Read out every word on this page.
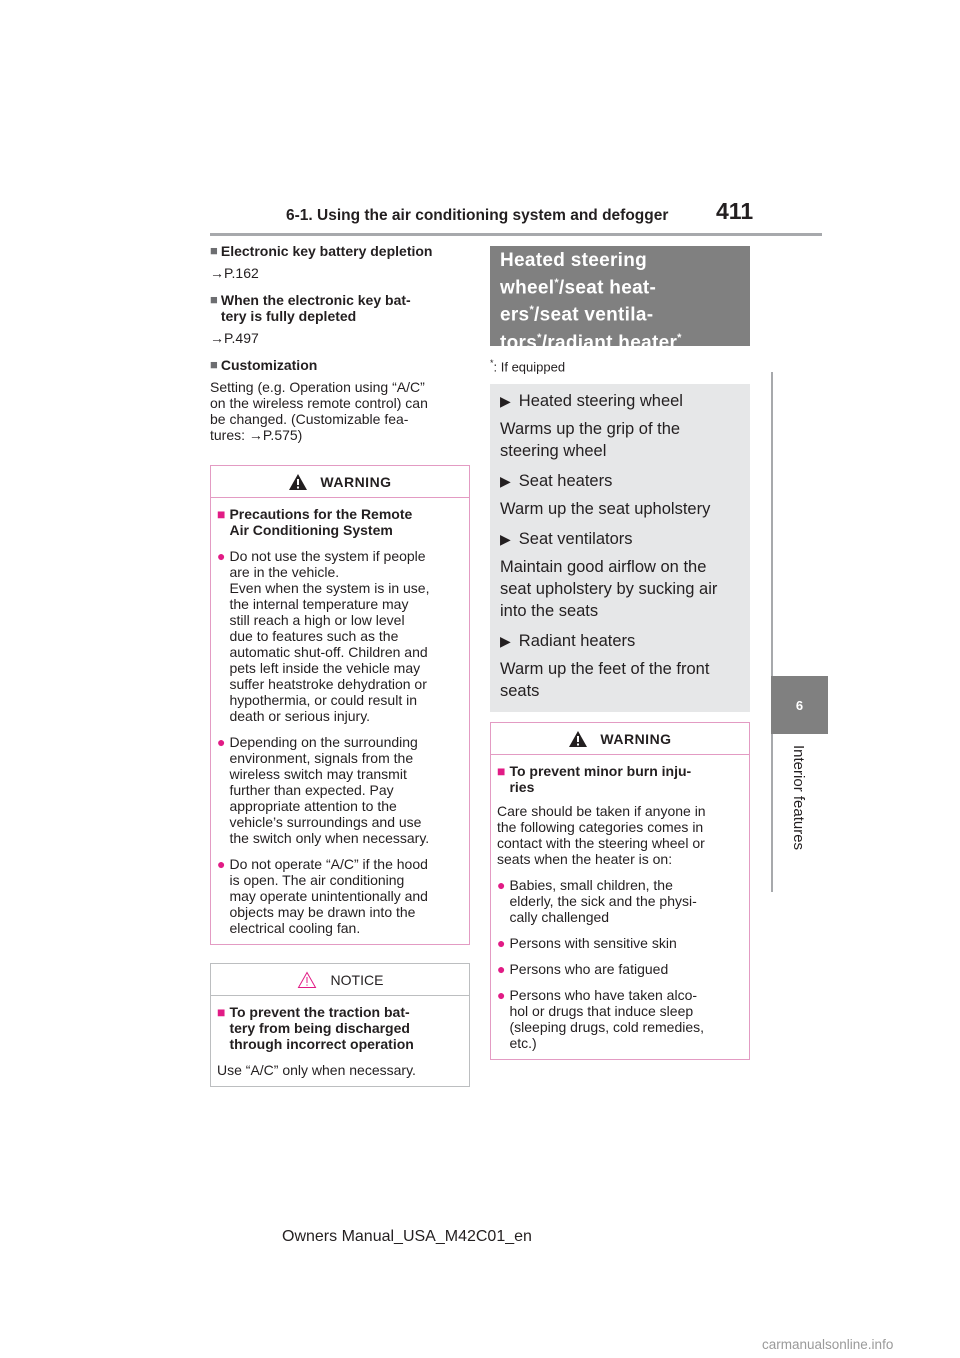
6-1. Using the air conditioning system and defogger 411
6
Interior features
■ Electronic key battery depletion
→P.162
■ When the electronic key bat-
tery is fully depleted
→P.497
■ Customization
Setting (e.g. Operation using “A/C”
on the wireless remote control) can
be changed. (Customizable fea-
tures: →P.575)
WARNING
■ Precautions for the Remote
Air Conditioning System
● Do not use the system if people
are in the vehicle.
Even when the system is in use,
the internal temperature may
still reach a high or low level
due to features such as the
automatic shut-off. Children and
pets left inside the vehicle may
suffer heatstroke dehydration or
hypothermia, or could result in
death or serious injury.
● Depending on the surrounding
environment, signals from the
wireless switch may transmit
further than expected. Pay
appropriate attention to the
vehicle’s surroundings and use
the switch only when necessary.
● Do not operate “A/C” if the hood
is open. The air conditioning
may operate unintentionally and
objects may be drawn into the
electrical cooling fan.
NOTICE
■ To prevent the traction bat-
tery from being discharged
through incorrect operation
Use “A/C” only when necessary.
Heated steering
wheel*/seat heat-
ers*/seat ventila-
tors*/radiant heater*
*: If equipped
▶ Heated steering wheel
Warms up the grip of the
steering wheel
▶ Seat heaters
Warm up the seat upholstery
▶ Seat ventilators
Maintain good airflow on the
seat upholstery by sucking air
into the seats
▶ Radiant heaters
Warm up the feet of the front
seats
WARNING
■ To prevent minor burn inju-
ries
Care should be taken if anyone in
the following categories comes in
contact with the steering wheel or
seats when the heater is on:
● Babies, small children, the
elderly, the sick and the physi-
cally challenged
● Persons with sensitive skin
● Persons who are fatigued
● Persons who have taken alco-
hol or drugs that induce sleep
(sleeping drugs, cold remedies,
etc.)
Owners Manual_USA_M42C01_en
carmanualsonline.info
